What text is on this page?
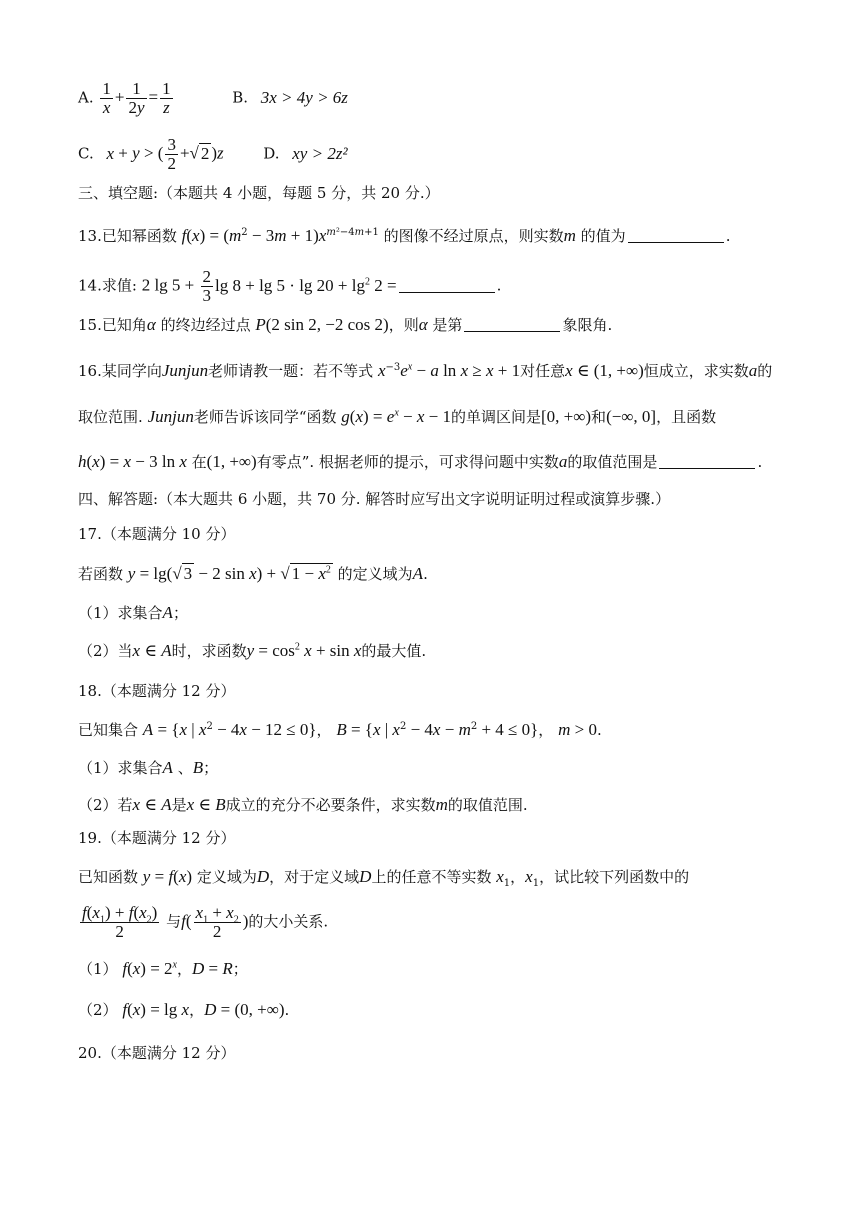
A. $\frac{1}{x} + \frac{1}{2y} = \frac{1}{z}$	B. 3x > 4y > 6z
C. x + y > ( $\frac{3}{2}$ +√ 2 )z	D. xy > 2z²
三、填空题:（本题共 4 小题，每题 5 分，共 20 分.）
13.已知幂函数 $f(x) = (m^2 - 3m + 1)x^{m^2-4m+1}$ 的图像不经过原点，则实数m 的值为	.
14.求值: 2 $\lg 5 + \frac{2}{3}$ $\lg 8 + \lg 5 \cdot \lg 20 + \lg^2 2$ =	.
15.已知角α 的终边经过点 P(2 sin 2, −2 cos 2)，则α 是第	象限角.
16.某同学向Junjun老师请教一题：若不等式 $x^{-3}e^x - a$ ln x ≥ x + 1对任意x ∈ (1, +∞)恒成立，求实数a的
取位范围. Junjun老师告诉该同学“函数 $g(x) = e^x - x - 1$的单调区间是[0, +∞)和(−∞, 0]，且函数
h(x) = x − 3 ln x 在(1, +∞)有零点”. 根据老师的提示，可求得问题中实数a的取值范围是	.
四、解答题:（本大题共 6 小题，共 70 分. 解答时应写出文字说明证明过程或演算步骤.）
17.（本题满分 10 分）
若函数 y = lg(√ 3 − 2 sin x) + √ $1 - x^2$ 的定义域为A.
（1）求集合A；
（2）当x ∈ A时，求函数$y = \cos^2 x + \sin x$的最大值.
18.（本题满分 12 分）
已知集合 A = {x | $x^2 - 4x - 12 \le 0$}， B = {x | $x^2 - 4x - m^2 + 4 \le 0$}， m > 0.
（1）求集合A 、B；
（2）若x ∈ A是x ∈ B成立的充分不必要条件，求实数m的取值范围.
19.（本题满分 12 分）
已知函数 y = f(x) 定义域为D，对于定义域D上的任意不等实数 $x_1$，$x_1$，试比较下列函数中的
$\frac{f(x_1) + f(x_2)}{2}$ 与$f( \frac{x_1 + x_2}{2}$ )的大小关系.
（1） $f(x) = 2^x$，D = R；
（2） f(x) = lg x，D = (0, +∞).
20.（本题满分 12 分）
